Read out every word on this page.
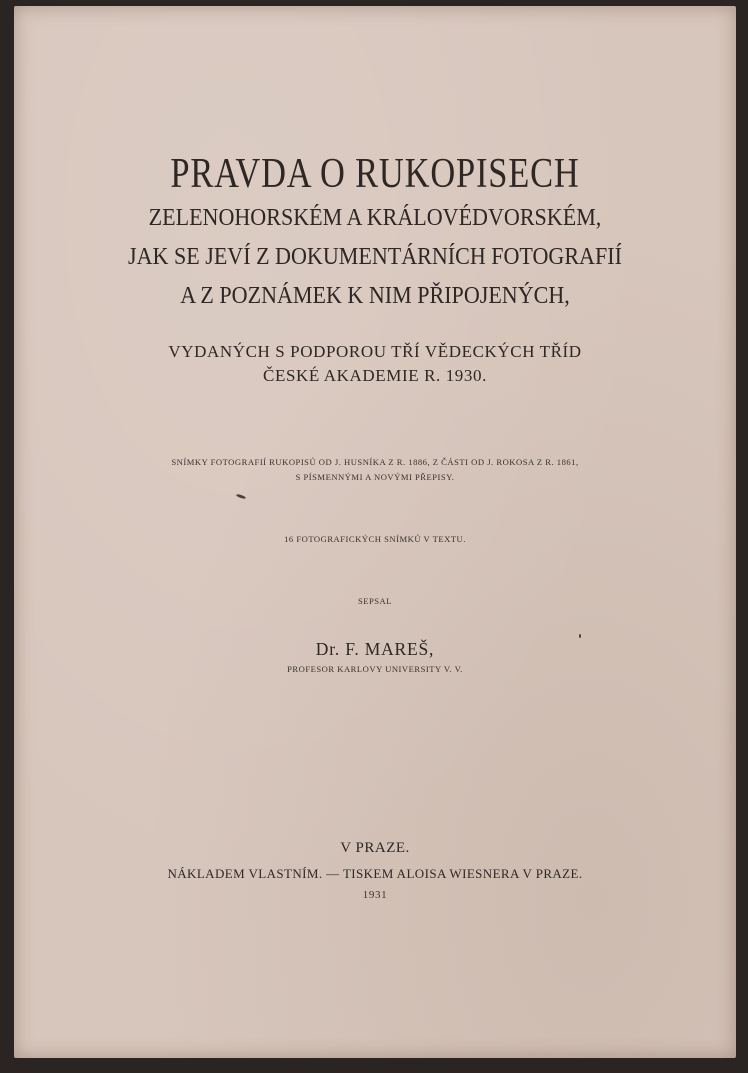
PRAVDA O RUKOPISECH
ZELENOHORSKÉM A KRÁLOVÉDVORSKÉM,
JAK SE JEVÍ Z DOKUMENTÁRNÍCH FOTOGRAFIÍ
A Z POZNÁMEK K NIM PŘIPOJENÝCH,
VYDANÝCH S PODPOROU TŘÍ VĚDECKÝCH TŘÍD
ČESKÉ AKADEMIE R. 1930.
SNÍMKY FOTOGRAFIÍ RUKOPISŮ OD J. HUSNÍKA Z R. 1886, Z ČÁSTI OD J. ROKOSA Z R. 1861,
S PÍSMENNÝMI A NOVÝMI PŘEPISY.
16 FOTOGRAFICKÝCH SNÍMKŮ V TEXTU.
SEPSAL
Dr. F. MAREŠ,
PROFESOR KARLOVY UNIVERSITY V. V.
V PRAZE.
NÁKLADEM VLASTNÍM. — TISKEM ALOISA WIESNERA V PRAZE.
1931
